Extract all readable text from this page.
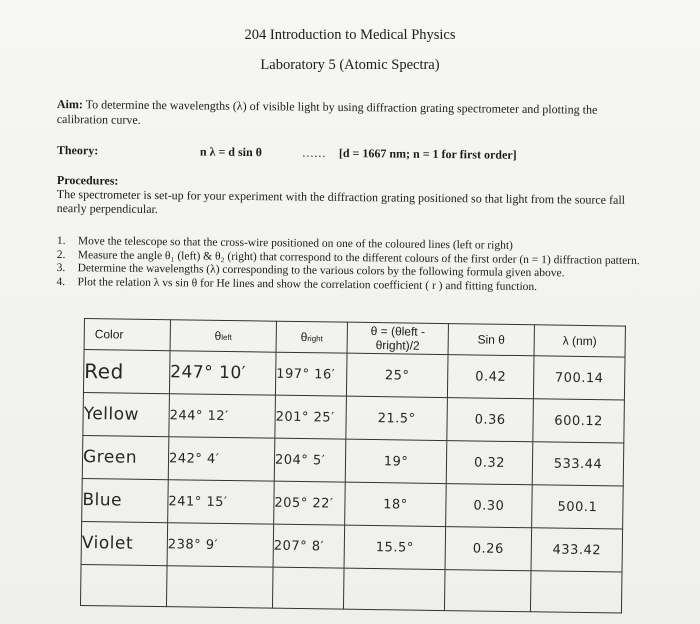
204 Introduction to Medical Physics
Laboratory 5 (Atomic Spectra)
Aim: To determine the wavelengths (λ) of visible light by using diffraction grating spectrometer and plotting the calibration curve.
Theory:	n λ = d sin θ	…… [d = 1667 nm; n = 1 for first order]
Procedures:
The spectrometer is set-up for your experiment with the diffraction grating positioned so that light from the source fall nearly perpendicular.
1. Move the telescope so that the cross-wire positioned on one of the coloured lines (left or right)
2. Measure the angle θ₁ (left) & θ₂ (right) that correspond to the different colours of the first order (n = 1) diffraction pattern.
3. Determine the wavelengths (λ) corresponding to the various colors by the following formula given above.
4. Plot the relation λ vs sin θ for He lines and show the correlation coefficient ( r ) and fitting function.
Color	θleft	θright	θ = (θleft - θright)/2	Sin θ	λ (nm)
Red	247° 10′	197° 16′	25°	0.42	700.14
Yellow	244° 12′	201° 25′	21.5°	0.36	600.12
Green	242° 4′	204° 5′	19°	0.32	533.44
Blue	241° 15′	205° 22′	18°	0.30	500.1
Violet	238° 9′	207° 8′	15.5°	0.26	433.42
